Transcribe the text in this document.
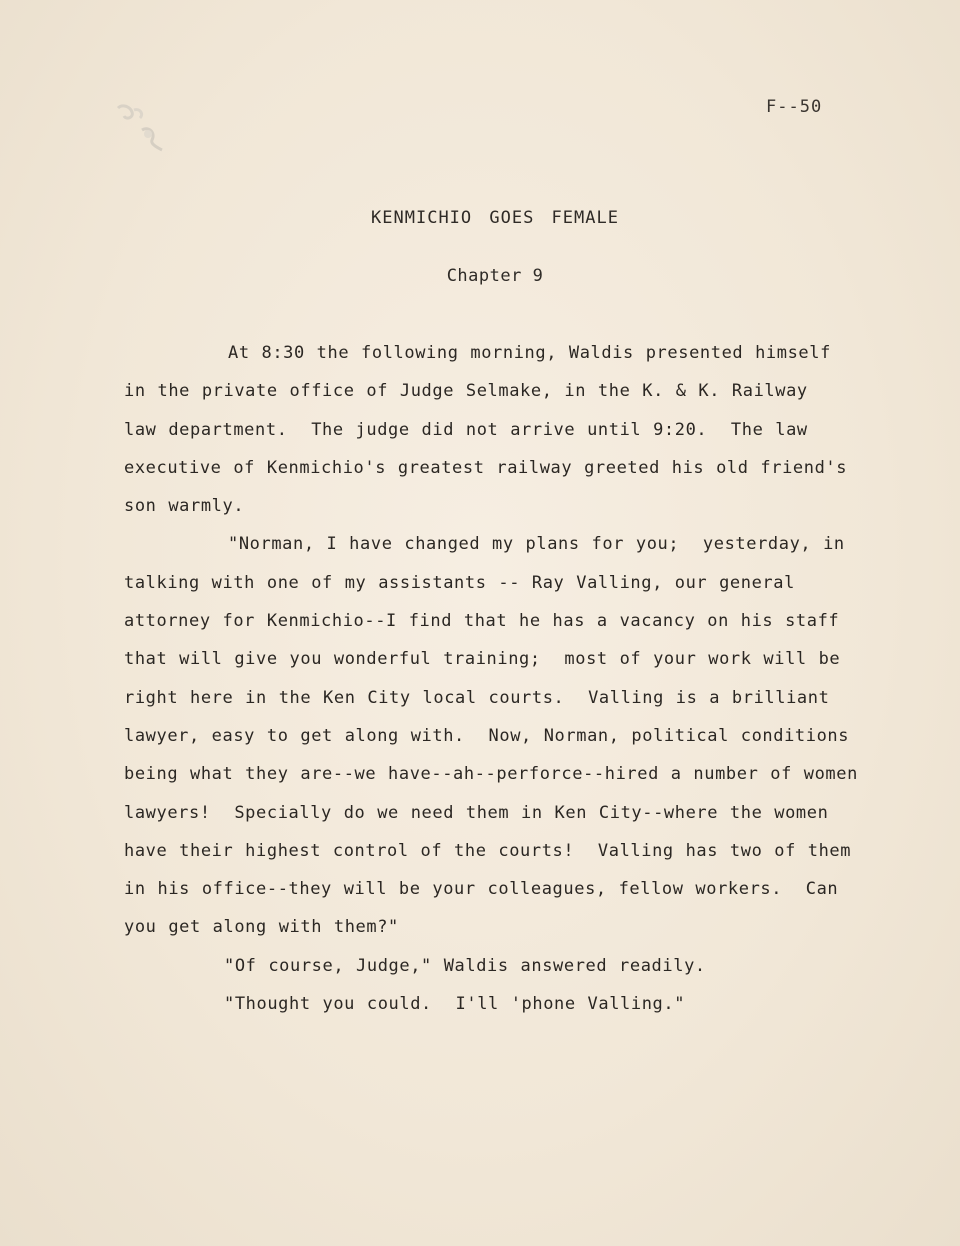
F--50
KENMICHIO GOES FEMALE
Chapter 9
At 8:30 the following morning, Waldis presented himself
in the private office of Judge Selmake, in the K. & K. Railway
law department.  The judge did not arrive until 9:20.  The law
executive of Kenmichio's greatest railway greeted his old friend's
son warmly.
"Norman, I have changed my plans for you;  yesterday, in
talking with one of my assistants -- Ray Valling, our general
attorney for Kenmichio--I find that he has a vacancy on his staff
that will give you wonderful training;  most of your work will be
right here in the Ken City local courts.  Valling is a brilliant
lawyer, easy to get along with.  Now, Norman, political conditions
being what they are--we have--ah--perforce--hired a number of women
lawyers!  Specially do we need them in Ken City--where the women
have their highest control of the courts!  Valling has two of them
in his office--they will be your colleagues, fellow workers.  Can
you get along with them?"
"Of course, Judge," Waldis answered readily.
"Thought you could.  I'll 'phone Valling."
